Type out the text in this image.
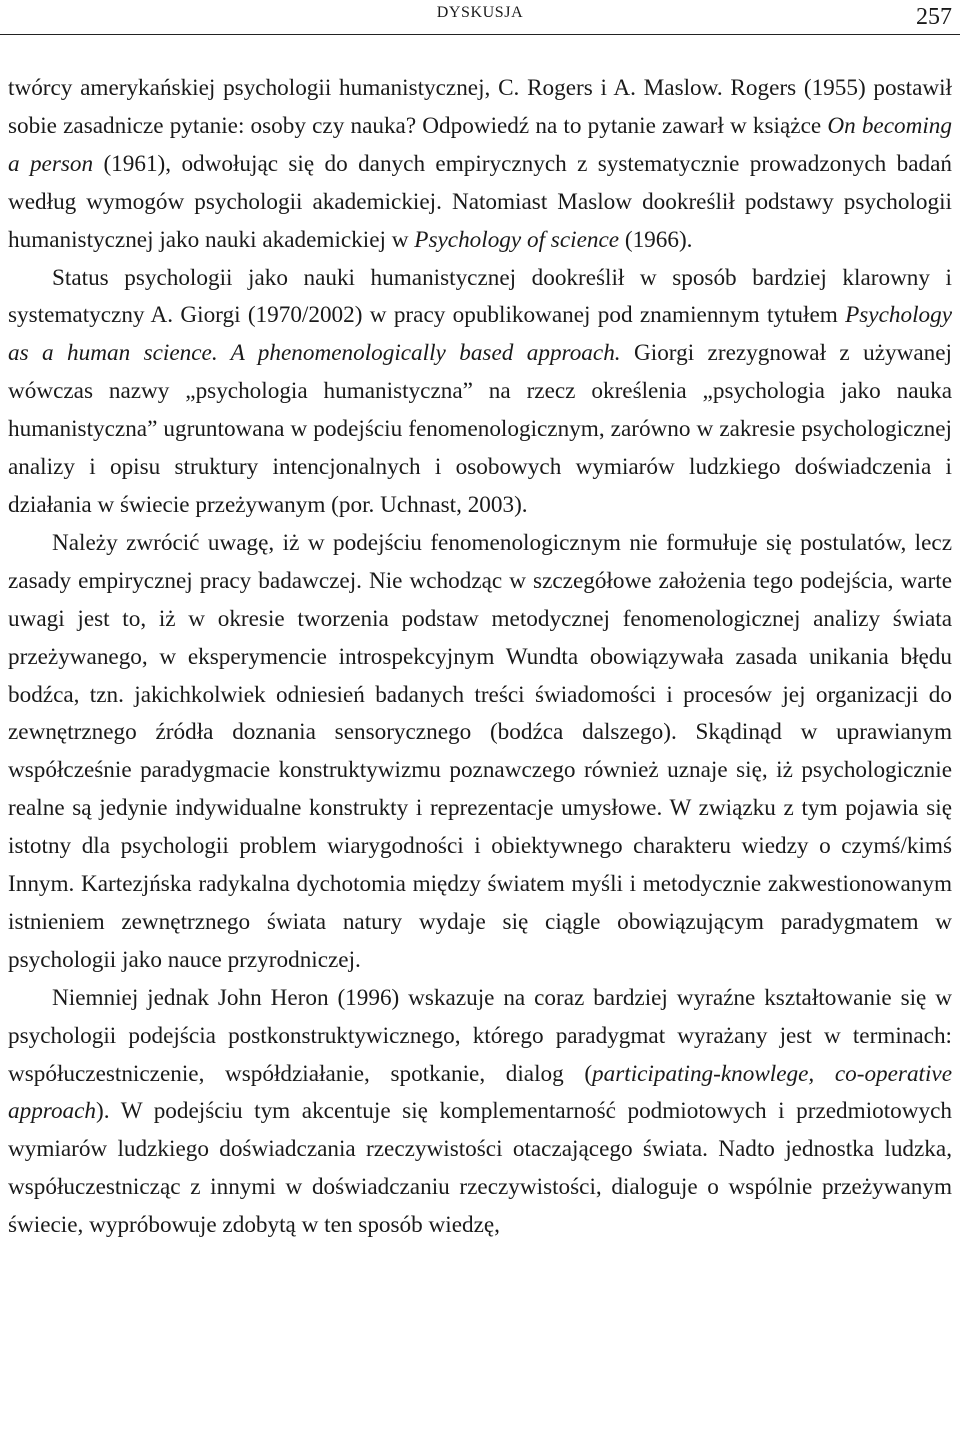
DYSKUSJA	257

twórcy amerykańskiej psychologii humanistycznej, C. Rogers i A. Maslow. Rogers (1955) postawił sobie zasadnicze pytanie: osoby czy nauka? Odpowiedź na to pytanie zawarł w książce On becoming a person (1961), odwołując się do danych empirycznych z systematycznie prowadzonych badań według wymogów psychologii akademickiej. Natomiast Maslow dookreślił podstawy psychologii humanistycznej jako nauki akademickiej w Psychology of science (1966).

Status psychologii jako nauki humanistycznej dookreślił w sposób bardziej klarowny i systematyczny A. Giorgi (1970/2002) w pracy opublikowanej pod znamiennym tytułem Psychology as a human science. A phenomenologically based approach. Giorgi zrezygnował z używanej wówczas nazwy „psychologia humanistyczna” na rzecz określenia „psychologia jako nauka humanistyczna” ugruntowana w podejściu fenomenologicznym, zarówno w zakresie psychologicznej analizy i opisu struktury intencjonalnych i osobowych wymiarów ludzkiego doświadczenia i działania w świecie przeżywanym (por. Uchnast, 2003).

Należy zwrócić uwagę, iż w podejściu fenomenologicznym nie formułuje się postulatów, lecz zasady empirycznej pracy badawczej. Nie wchodząc w szczegółowe założenia tego podejścia, warte uwagi jest to, iż w okresie tworzenia podstaw metodycznej fenomenologicznej analizy świata przeżywanego, w eksperymencie introspekcyjnym Wundta obowiązywała zasada unikania błędu bodźca, tzn. jakichkolwiek odniesień badanych treści świadomości i procesów jej organizacji do zewnętrznego źródła doznania sensorycznego (bodźca dalszego). Skądinąd w uprawianym współcześnie paradygmacie konstruktywizmu poznawczego również uznaje się, iż psychologicznie realne są jedynie indywidualne konstrukty i reprezentacje umysłowe. W związku z tym pojawia się istotny dla psychologii problem wiarygodności i obiektywnego charakteru wiedzy o czymś/kimś Innym. Kartezjńska radykalna dychotomia między światem myśli i metodycznie zakwestionowanym istnieniem zewnętrznego świata natury wydaje się ciągle obowiązującym paradygmatem w psychologii jako nauce przyrodniczej.

Niemniej jednak John Heron (1996) wskazuje na coraz bardziej wyraźne kształtowanie się w psychologii podejścia postkonstruktywicznego, którego paradygmat wyrażany jest w terminach: współuczestniczenie, współdziałanie, spotkanie, dialog (participating-knowlege, co-operative approach). W podejściu tym akcentuje się komplementarność podmiotowych i przedmiotowych wymiarów ludzkiego doświadczania rzeczywistości otaczającego świata. Nadto jednostka ludzka, współuczestnicząc z innymi w doświadczaniu rzeczywistości, dialoguje o wspólnie przeżywanym świecie, wypróbowuje zdobytą w ten sposób wiedzę,
